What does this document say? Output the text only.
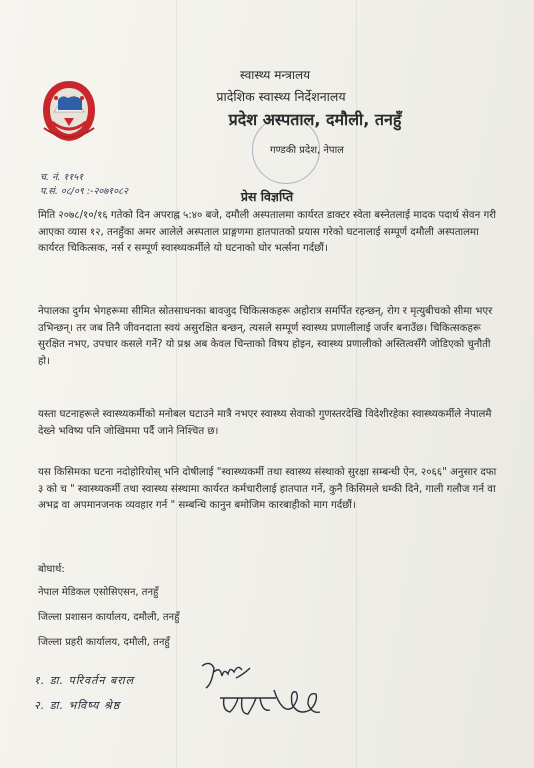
स्वास्थ्य मन्त्रालय
प्रादेशिक स्वास्थ्य निर्देशनालय
प्रदेश अस्पताल, दमौली, तनहुँ
गण्डकी प्रदेश, नेपाल
च. नं. ११५१
प.सं. ०८/०९ :-२०७१०८२	प्रेस विज्ञप्ति
मिति २०७८/१०/१६ गतेको दिन अपराह्न ५:४० बजे, दमौली अस्पतालमा कार्यरत डाक्टर स्वेता बस्नेतलाई मादक पदार्थ सेवन गरी आएका व्यास १२, तनहुँका अमर आलेले अस्पताल प्राङ्गणमा हातपातको प्रयास गरेको घटनालाई सम्पूर्ण दमौली अस्पतालमा कार्यरत चिकित्सक, नर्स र सम्पूर्ण स्वास्थ्यकर्मीले यो घटनाको घोर भर्त्सना गर्दछौं।
नेपालका दुर्गम भेगहरूमा सीमित स्रोतसाधनका बावजुद चिकित्सकहरू अहोरात्र समर्पित रहन्छन्, रोग र मृत्युबीचको सीमा भएर उभिन्छन्। तर जब तिनै जीवनदाता स्वयं असुरक्षित बन्छन्, त्यसले सम्पूर्ण स्वास्थ्य प्रणालीलाई जर्जर बनाउँछ। चिकित्सकहरू सुरक्षित नभए, उपचार कसले गर्ने? यो प्रश्न अब केवल चिन्ताको विषय होइन, स्वास्थ्य प्रणालीको अस्तित्वसँगै जोडिएको चुनौती हो।
यस्ता घटनाहरूले स्वास्थ्यकर्मीको मनोबल घटाउने मात्रै नभएर स्वास्थ्य सेवाको गुणस्तरदेखि विदेशीरहेका स्वास्थ्यकर्मीले नेपालमै देख्ने भविष्य पनि जोखिममा पर्दै जाने निश्चित छ।
यस किसिमका घटना नदोहोरियोस् भनि दोषीलाई "स्वास्थ्यकर्मी तथा स्वास्थ्य संस्थाको सुरक्षा सम्बन्धी ऐन, २०६६" अनुसार दफा ३ को च " स्वास्थ्यकर्मी तथा स्वास्थ्य संस्थामा कार्यरत कर्मचारीलाई हातपात गर्ने, कुनै किसिमले धम्की दिने, गाली गलौज गर्न वा अभद्र वा अपमानजनक व्यवहार गर्न " सम्बन्धि कानुन बमोजिम कारबाहीको माग गर्दछौं।
बोधार्थ:
नेपाल मेडिकल एसोसिएसन, तनहुँ
जिल्ला प्रशासन कार्यालय, दमौली, तनहुँ
जिल्ला प्रहरी कार्यालय, दमौली, तनहुँ
१. डा. परिवर्तन बराल
२. डा. भविष्य श्रेष्ठ
